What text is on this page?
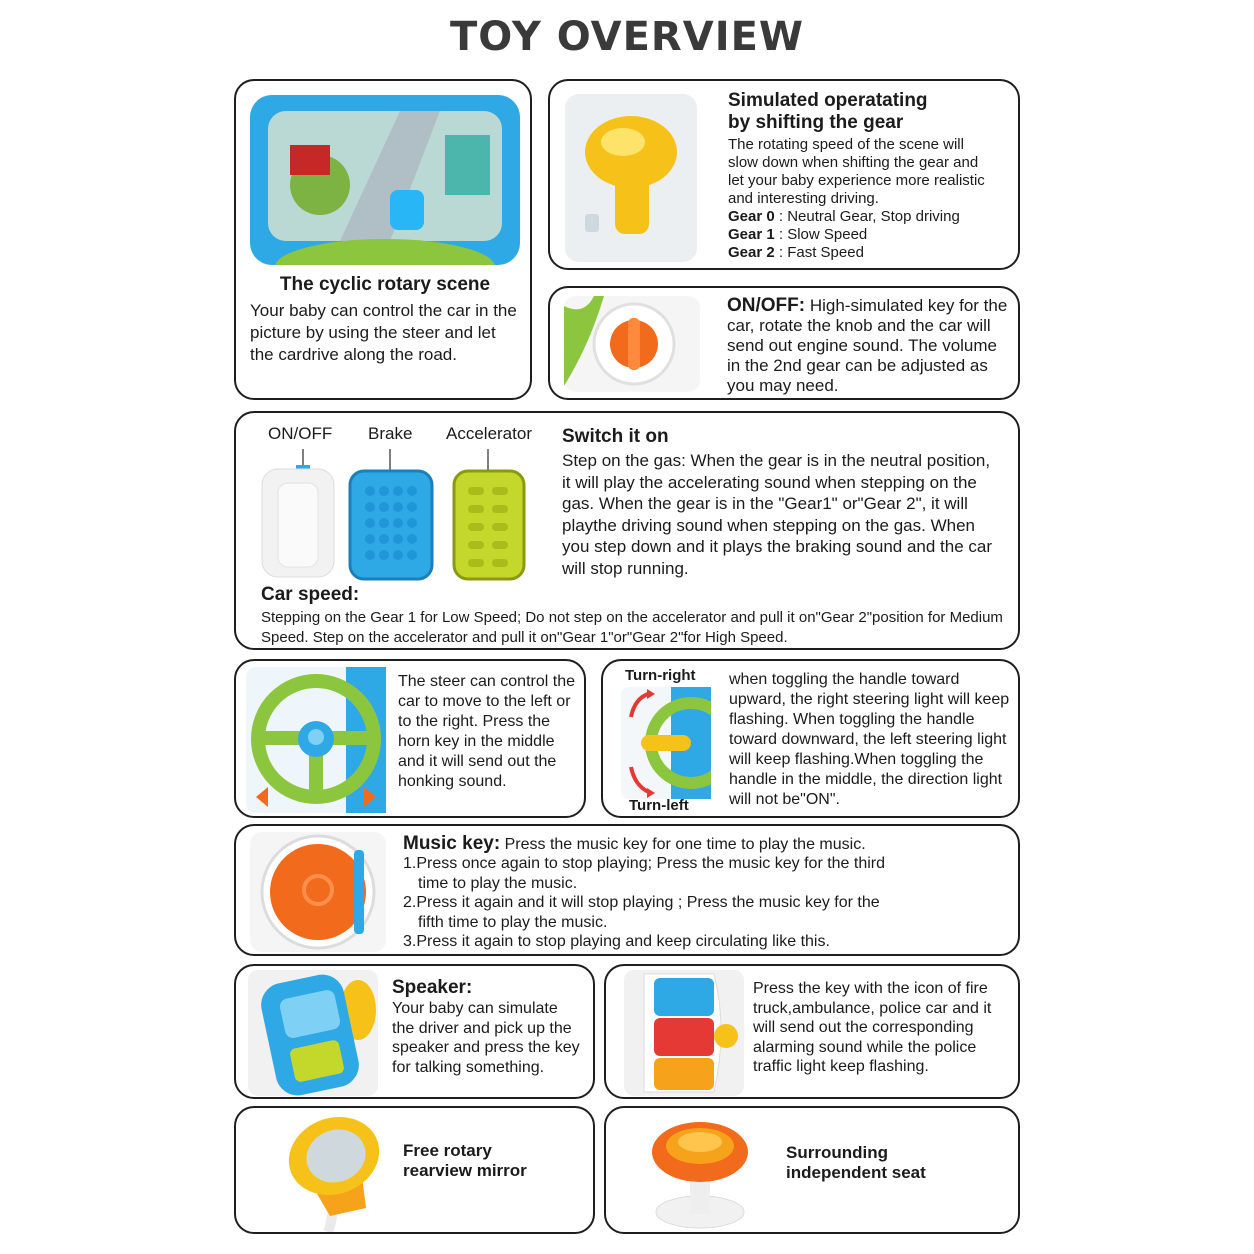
TOY OVERVIEW
The cyclic rotary scene
Your baby can control the car in the picture by using the steer and let the cardrive along the road.
Simulated operatating
by shifting the gear
The rotating speed of the scene will slow down when shifting the gear and let your baby experience more realistic and interesting driving.
Gear 0 : Neutral Gear, Stop driving
Gear 1 : Slow Speed
Gear 2 : Fast Speed
ON/OFF: High-simulated key for the car, rotate the knob and the car will send out engine sound. The volume in the 2nd gear can be adjusted as you may need.
ON/OFF Brake Accelerator Switch it on
Step on the gas: When the gear is in the neutral position, it will play the accelerating sound when stepping on the gas. When the gear is in the "Gear1" or"Gear 2", it will playthe driving sound when stepping on the gas. When you step down and it plays the braking sound and the car will stop running.
Car speed:
Stepping on the Gear 1 for Low Speed; Do not step on the accelerator and pull it on"Gear 2"position for Medium Speed. Step on the accelerator and pull it on"Gear 1"or"Gear 2"for High Speed.
The steer can control the car to move to the left or to the right. Press the horn key in the middle and it will send out the honking sound.
Turn-right
Turn-left
when toggling the handle toward upward, the right steering light will keep flashing. When toggling the handle toward downward, the left steering light will keep flashing.When toggling the handle in the middle, the direction light will not be"ON".
Music key: Press the music key for one time to play the music.
1.Press once again to stop playing; Press the music key for the third
time to play the music.
2.Press it again and it will stop playing ; Press the music key for the
fifth time to play the music.
3.Press it again to stop playing and keep circulating like this.
Speaker:
Your baby can simulate the driver and pick up the speaker and press the key for talking something.
Press the key with the icon of fire truck,ambulance, police car and it will send out the corresponding alarming sound while the police traffic light keep flashing.
Free rotary
rearview mirror
Surrounding
independent seat
